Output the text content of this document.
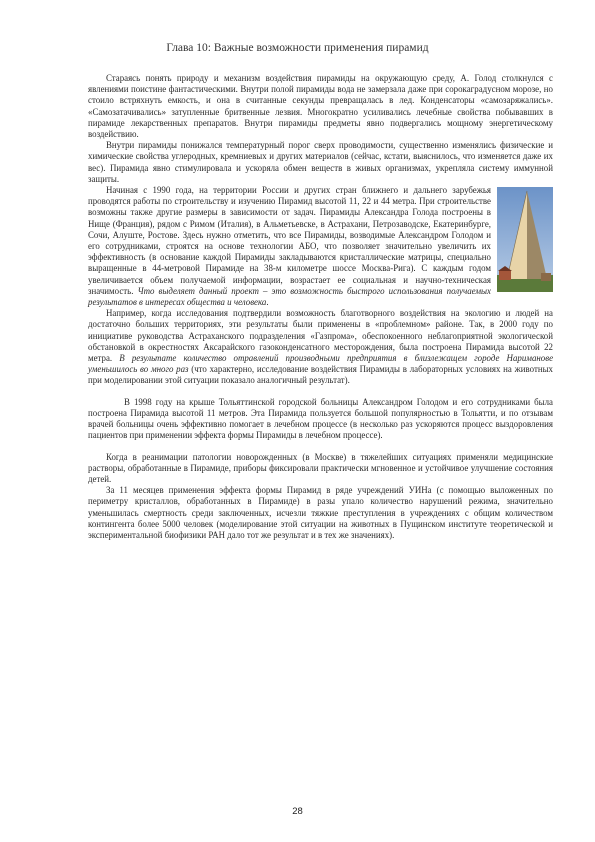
Глава 10: Важные возможности применения пирамид

Стараясь понять природу и механизм воздействия пирамиды на окружающую среду, А. Голод столкнулся с явлениями поистине фантастическими. Внутри полой пирамиды вода не замерзала даже при сорокаградусном морозе, но стоило встряхнуть емкость, и она в считанные секунды превращалась в лед. Конденсаторы «самозаряжались». «Самозатачивались» затупленные бритвенные лезвия. Многократно усиливались лечебные свойства побывавших в пирамиде лекарственных препаратов. Внутри пирамиды предметы явно подвергались мощному энергетическому воздействию.

Внутри пирамиды понижался температурный порог сверх проводимости, существенно изменялись физические и химические свойства углеродных, кремниевых и других материалов (сейчас, кстати, выяснилось, что изменяется даже их вес). Пирамида явно стимулировала и ускоряла обмен веществ в живых организмах, укрепляла систему иммунной защиты.

Начиная с 1990 года, на территории России и других стран ближнего и дальнего зарубежья проводятся работы по строительству и изучению Пирамид высотой 11, 22 и 44 метра. При строительстве возможны также другие размеры в зависимости от задач. Пирамиды Александра Голода построены в Нище (Франция), рядом с Римом (Италия), в Альметьевске, в Астрахани, Петрозаводске, Екатеринбурге, Сочи, Алуште, Ростове. Здесь нужно отметить, что все Пирамиды, возводимые Александром Голодом и его сотрудниками, строятся на основе технологии АБО, что позволяет значительно увеличить их эффективность (в основание каждой Пирамиды закладываются кристаллические матрицы, специально выращенные в 44-метровой Пирамиде на 38-м километре шоссе Москва-Рига). С каждым годом увеличивается объем получаемой информации, возрастает ее социальная и научно-техническая значимость. Что выделяет данный проект – это возможность быстрого использования получаемых результатов в интересах общества и человека.

Например, когда исследования подтвердили возможность благотворного воздействия на экологию и людей на достаточно больших территориях, эти результаты были применены в «проблемном» районе. Так, в 2000 году по инициативе руководства Астраханского подразделения «Газпрома», обеспокоенного неблагоприятной экологической обстановкой в окрестностях Аксарайского газоконденсатного месторождения, была построена Пирамида высотой 22 метра. В результате количество отравлений производными предприятия в близлежащем городе Наримановe уменьшилось во много раз (что характерно, исследование воздействия Пирамиды в лабораторных условиях на животных при моделировании этой ситуации показало аналогичный результат).

В 1998 году на крыше Тольяттинской городской больницы Александром Голодом и его сотрудниками была построена Пирамида высотой 11 метров. Эта Пирамида пользуется большой популярностью в Тольятти, и по отзывам врачей больницы очень эффективно помогает в лечебном процессе (в несколько раз ускоряются процесс выздоровления пациентов при применении эффекта формы Пирамиды в лечебном процессе).

Когда в реанимации патологии новорожденных (в Москве) в тяжелейших ситуациях применяли медицинские растворы, обработанные в Пирамиде, приборы фиксировали практически мгновенное и устойчивое улучшение состояния детей.

За 11 месяцев применения эффекта формы Пирамид в ряде учреждений УИНа (с помощью выложенных по периметру кристаллов, обработанных в Пирамиде) в разы упало количество нарушений режима, значительно уменьшилась смертность среди заключенных, исчезли тяжкие преступления в учреждениях с общим количеством контингента более 5000 человек (моделирование этой ситуации на животных в Пущинском институте теоретической и экспериментальной биофизики РАН дало тот же результат и в тех же значениях).

28
